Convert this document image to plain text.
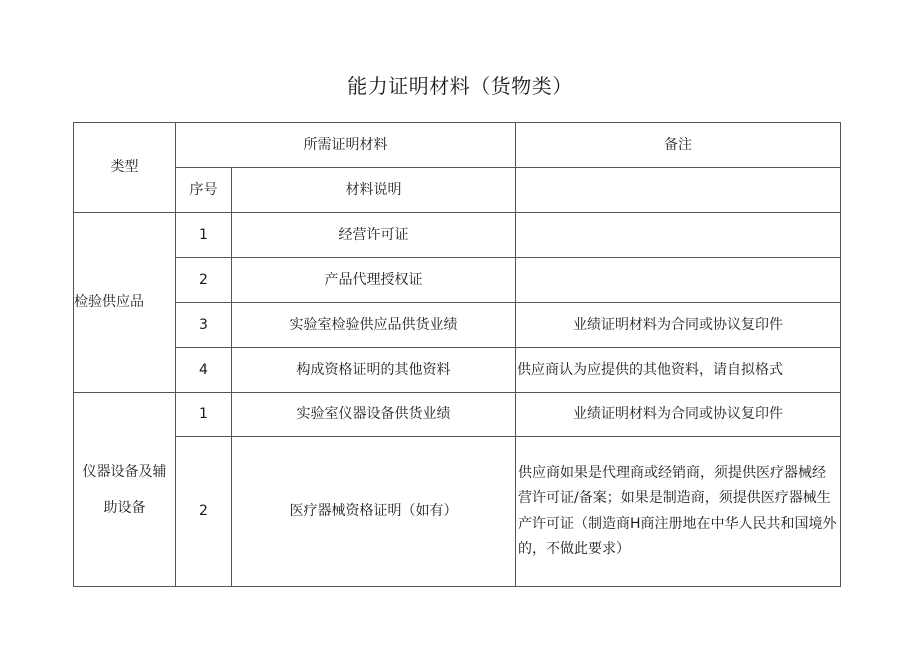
能力证明材料（货物类）
类型	所需证明材料		备注
	序号	材料说明	
检验供应品	1	经营许可证	
	2	产品代理授权证	
	3	实验室检验供应品供货业绩	业绩证明材料为合同或协议复印件
	4	构成资格证明的其他资料	供应商认为应提供的其他资料，请自拟格式
仪器设备及辅助设备	1	实验室仪器设备供货业绩	业绩证明材料为合同或协议复印件
	2	医疗器械资格证明（如有）	供应商如果是代理商或经销商，须提供医疗器械经营许可证/备案；如果是制造商，须提供医疗器械生产许可证（制造商H商注册地在中华人民共和国境外的，不做此要求）
